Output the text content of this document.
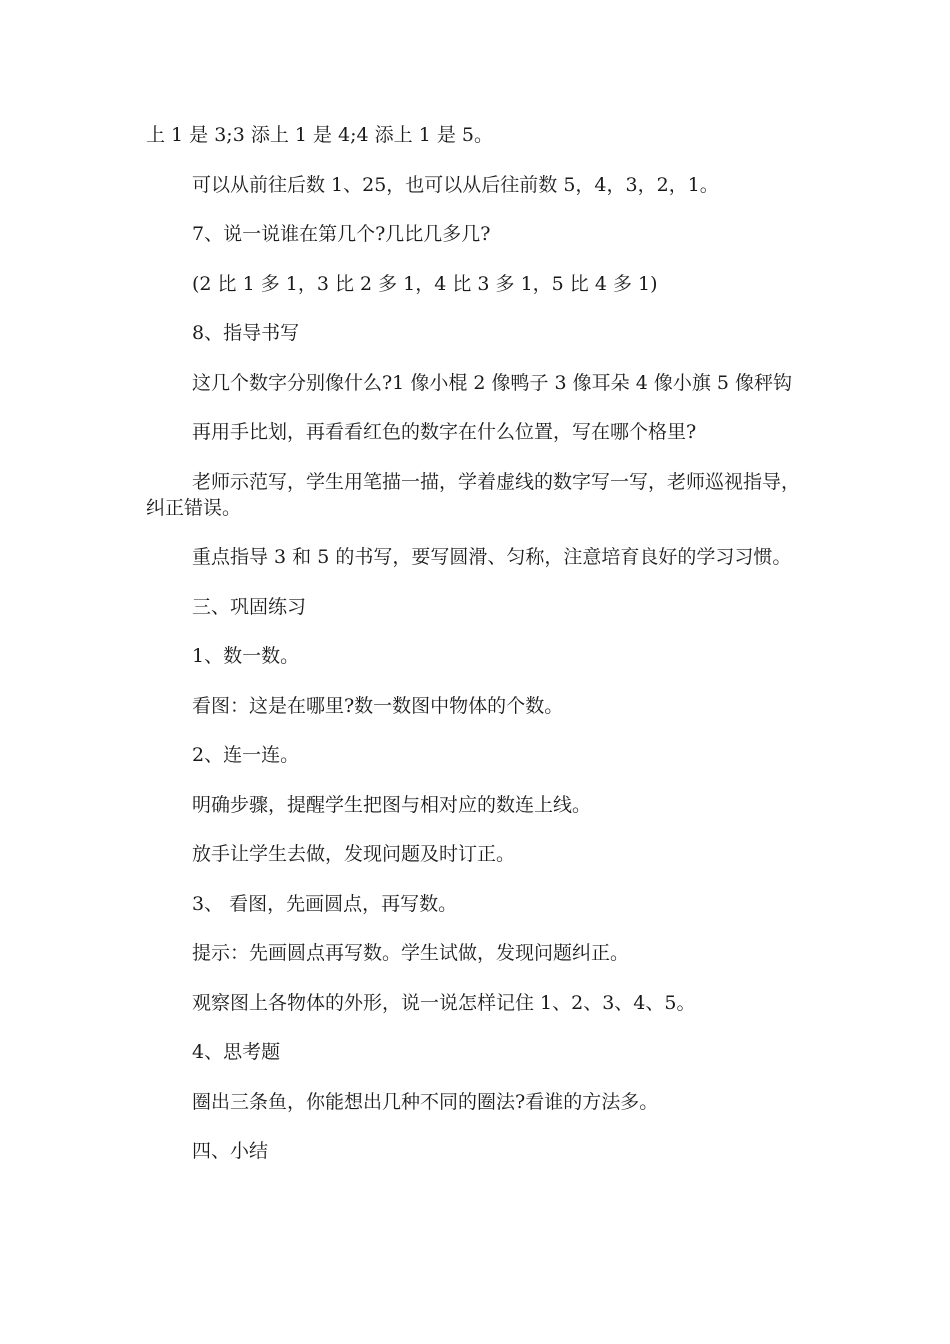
上 1 是 3;3 添上 1 是 4;4 添上 1 是 5。

可以从前往后数 1、25，也可以从后往前数 5，4，3，2，1。

7、说一说谁在第几个?几比几多几?

(2 比 1 多 1，3 比 2 多 1，4 比 3 多 1，5 比 4 多 1)

8、指导书写

这几个数字分别像什么?1 像小棍 2 像鸭子 3 像耳朵 4 像小旗 5 像秤钩

再用手比划，再看看红色的数字在什么位置，写在哪个格里?

老师示范写，学生用笔描一描，学着虚线的数字写一写，老师巡视指导，纠正错误。

重点指导 3 和 5 的书写，要写圆滑、匀称，注意培育良好的学习习惯。

三、巩固练习

1、数一数。

看图：这是在哪里?数一数图中物体的个数。

2、连一连。

明确步骤，提醒学生把图与相对应的数连上线。

放手让学生去做，发现问题及时订正。

3、 看图，先画圆点，再写数。

提示：先画圆点再写数。学生试做，发现问题纠正。

观察图上各物体的外形，说一说怎样记住 1、2、3、4、5。

4、思考题

圈出三条鱼，你能想出几种不同的圈法?看谁的方法多。

四、小结
